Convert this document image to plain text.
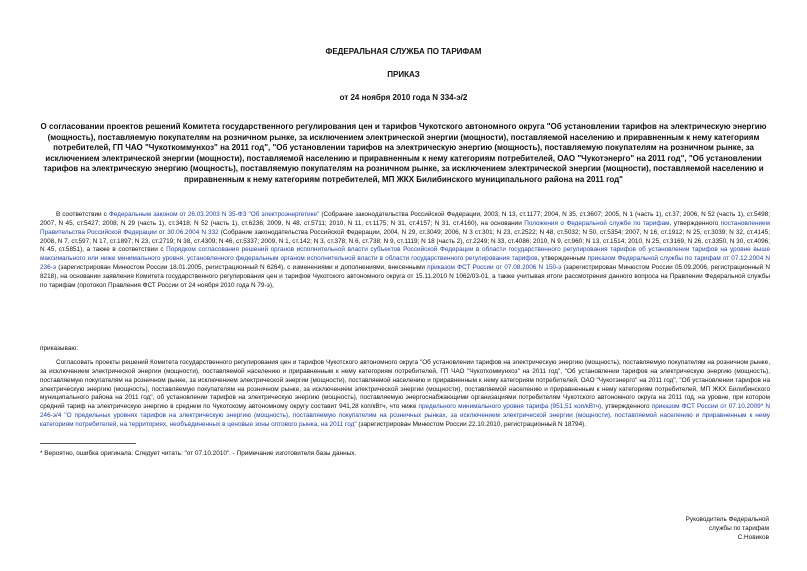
ФЕДЕРАЛЬНАЯ СЛУЖБА ПО ТАРИФАМ
ПРИКАЗ
от 24 ноября 2010 года N 334-э/2
О согласовании проектов решений Комитета государственного регулирования цен и тарифов Чукотского автономного округа "Об установлении тарифов на электрическую энергию (мощность), поставляемую покупателям на розничном рынке, за исключением электрической энергии (мощности), поставляемой населению и приравненным к нему категориям потребителей, ГП ЧАО "Чукоткоммунхоз" на 2011 год", "Об установлении тарифов на электрическую энергию (мощность), поставляемую покупателям на розничном рынке, за исключением электрической энергии (мощности), поставляемой населению и приравненным к нему категориям потребителей, ОАО "Чукотэнерго" на 2011 год", "Об установлении тарифов на электрическую энергию (мощность), поставляемую покупателям на розничном рынке, за исключением электрической энергии (мощности), поставляемой населению и приравненным к нему категориям потребителей, МП ЖКХ Билибинского муниципального района на 2011 год"
В соответствии с Федеральным законом от 26.03.2003 N 35-ФЗ "Об электроэнергетике" (Собрание законодательства Российской Федерации, 2003, N 13, ст.1177; 2004, N 35, ст.3607; 2005, N 1 (часть 1), ст.37; 2006, N 52 (часть 1), ст.5498; 2007, N 45, ст.5427; 2008, N 29 (часть 1), ст.3418; N 52 (часть 1), ст.6236; 2009, N 48, ст.5711; 2010, N 11, ст.1175; N 31, ст.4157; N 31, ст.4160), на основании Положения о Федеральной службе по тарифам, утвержденного постановлением Правительства Российской Федерации от 30.06.2004 N 332 (Собрание законодательства Российской Федерации, 2004, N 29, ст.3049; 2006, N 3 ст.301; N 23, ст.2522; N 48, ст.5032; N 50, ст.5354; 2007, N 16, ст.1912; N 25, ст.3039; N 32, ст.4145; 2008, N 7, ст.597; N 17, ст.1897; N 23, ст.2719; N 38, ст.4309; N 46, ст.5337; 2009, N 1, ст.142; N 3, ст.378; N 6, ст.738; N 9, ст.1119; N 18 (часть 2), ст.2249; N 33, ст.4086; 2010, N 9, ст.960; N 13, ст.1514; 2010, N 25, ст.3169, N 26, ст.3350, N 30, ст.4096; N 45, ст.5851), а также в соответствии с Порядком согласования решений органов исполнительной власти субъектов Российской Федерации в области государственного регулирования тарифов об установлении тарифов на уровне выше максимального или ниже минимального уровня, установленного федеральным органом исполнительной власти в области государственного регулирования тарифов, утвержденным приказом Федеральной службы по тарифам от 07.12.2004 N 236-э (зарегистрирован Минюстом России 18.01.2005, регистрационный N 6264), с изменениями и дополнениями, внесенными приказом ФСТ России от 07.08.2006 N 150-э (зарегистрирован Минюстом России 05.09.2006, регистрационный N 8218), на основании заявления Комитета государственного регулирования цен и тарифов Чукотского автономного округа от 15.11.2010 N 1062/03-01, а также учитывая итоги рассмотрения данного вопроса на Правлении Федеральной службы по тарифам (протокол Правления ФСТ России от 24 ноября 2010 года N 79-э),
приказываю:
Согласовать проекты решений Комитета государственного регулирования цен и тарифов Чукотского автономного округа "Об установлении тарифов на электрическую энергию (мощность), поставляемую покупателям на розничном рынке, за исключением электрической энергии (мощности), поставляемой населению и приравненным к нему категориям потребителей, ГП ЧАО "Чукоткоммунхоз" на 2011 год", "Об установлении тарифов на электрическую энергию (мощность), поставляемую покупателям на розничном рынке, за исключением электрической энергии (мощности), поставляемой населению и приравненным к нему категориям потребителей, ОАО "Чукотэнерго" на 2011 год", "Об установлении тарифов на электрическую энергию (мощность), поставляемую покупателям на розничном рынке, за исключением электрической энергии (мощности), поставляемой населению и приравненным к нему категориям потребителей, МП ЖКХ Билибинского муниципального района на 2011 год", об установлении тарифов на электрическую энергию (мощность), поставляемую энергоснабжающими организациями потребителям Чукотского автономного округа на 2011 год, на уровне, при котором средний тариф на электрическую энергию в среднем по Чукотскому автономному округу составит 941,28 коп/кВтч, что ниже предельного минимального уровня тарифа (951,51 коп/кВтч), утвержденного приказом ФСТ России от 07.10.2009* N 246-э/4 "О предельных уровнях тарифов на электрическую энергию (мощность), поставляемую покупателям на розничных рынках, за исключением электрической энергии (мощности), поставляемой населению и приравненным к нему категориям потребителей, на территориях, необъединенных в ценовые зоны оптового рынка, на 2011 год" (зарегистрирован Минюстом России 22.10.2010, регистрационный N 18794).
* Вероятно, ошибка оригинала. Следует читать: "от 07.10.2010". - Примечание изготовителя базы данных.
Руководитель Федеральной
службы по тарифам
С.Новиков
